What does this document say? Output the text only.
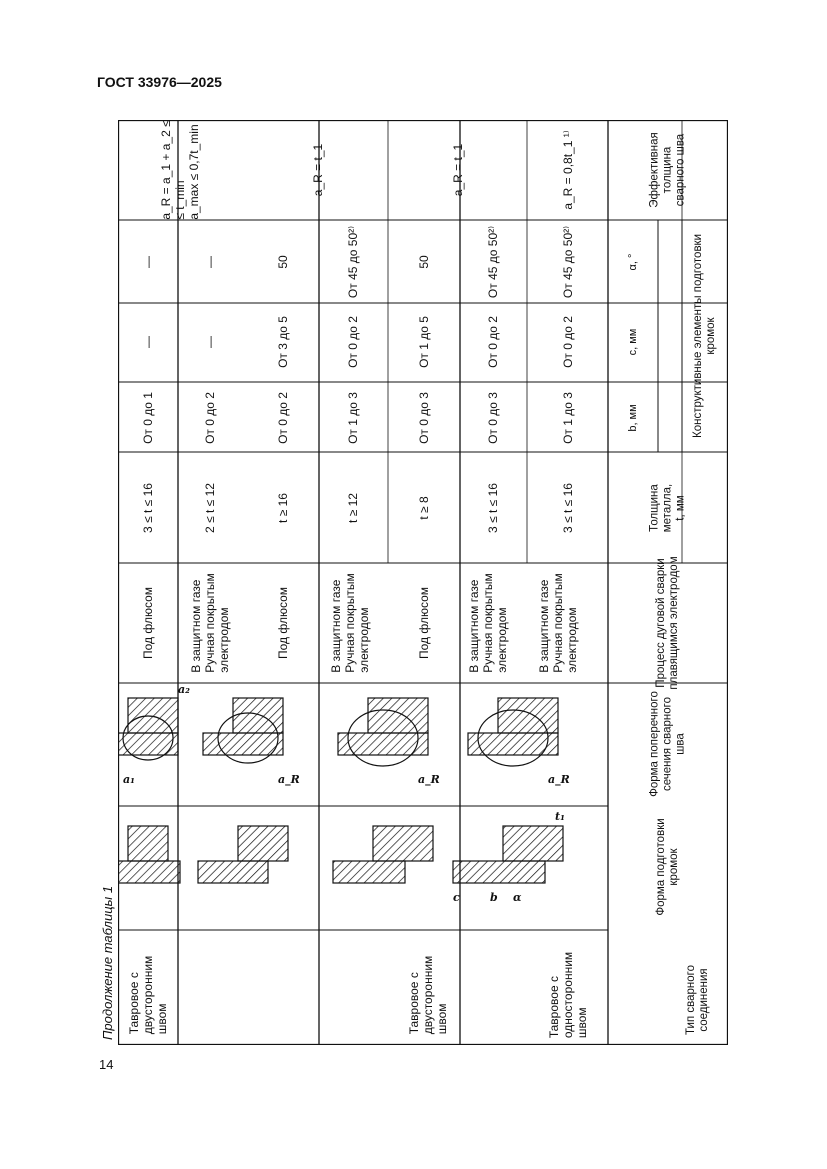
ГОСТ 33976—2025
14
Продолжение таблицы 1	Тип сварного соединения
Форма подготовки кромок
Форма поперечного сечения сварного шва
Процесс дуговой сварки плавящимся электродом
Толщина металла, t, мм
Конструктивные элементы подготовки кромок
b, мм
c, мм
α, °
Эффективная толщина сварного шва
Тавровое с односторонним швом
Тавровое с двусторонним швом
Тавровое с двусторонним швом
В защитном газе Ручная покрытым электродом
3 ≤ t ≤ 16
От 1 до 3
От 0 до 2
От 45 до 50²⁾
a_R = 0,8t_1 ¹⁾
В защитном газе Ручная покрытым электродом
3 ≤ t ≤ 16
От 0 до 3
От 0 до 2
От 45 до 50²⁾
Под флюсом
t ≥ 8
От 0 до 3
От 1 до 5
50
a_R = t_1
В защитном газе Ручная покрытым электродом
t ≥ 12
От 1 до 3
От 0 до 2
От 45 до 50²⁾
Под флюсом
t ≥ 16
От 0 до 2
От 3 до 5
50
a_R = t_1
В защитном газе Ручная покрытым электродом
2 ≤ t ≤ 12
От 0 до 2
—
—
Под флюсом
3 ≤ t ≤ 16
От 0 до 1
—
—
a_R = a_1 + a_2 ≤ ≤ t_min a_max ≤ 0,7t_min
t₁
α
b
c
a_R
a_R
a_R
a₁
a₂
